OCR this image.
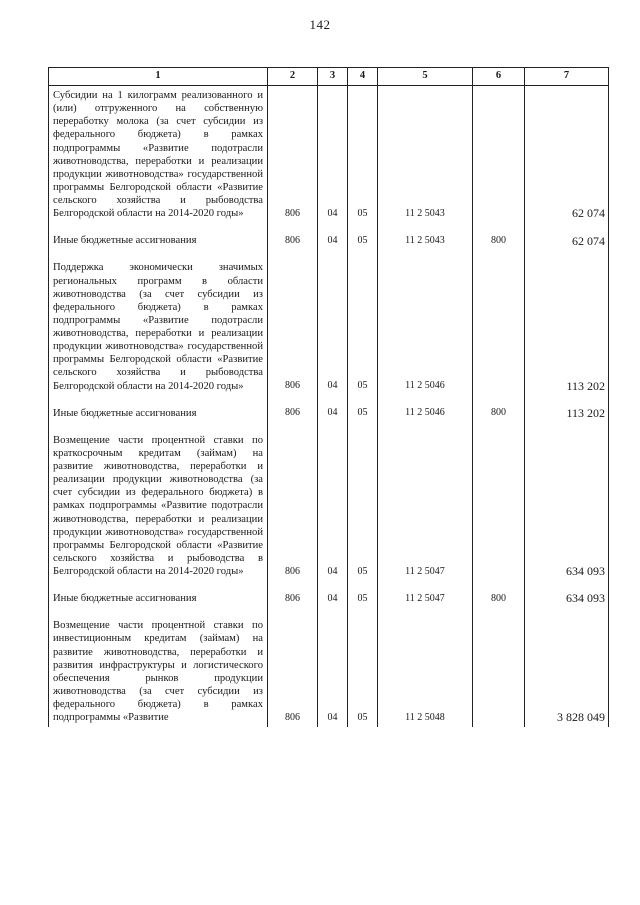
142
1	2	3	4	5	6	7
Субсидии на 1 килограмм реализованного и (или) отгруженного на собственную переработку молока (за счет субсидии из федерального бюджета) в рамках подпрограммы «Развитие подотрасли животноводства, переработки и реализации продукции животноводства» государственной программы Белгородской области «Развитие сельского хозяйства и рыбоводства Белгородской области на 2014-2020 годы»	806	04	05	11 2 5043		62 074

Иные бюджетные ассигнования	806	04	05	11 2 5043	800	62 074

Поддержка экономически значимых региональных программ в области животноводства (за счет субсидии из федерального бюджета) в рамках подпрограммы «Развитие подотрасли животноводства, переработки и реализации продукции животноводства» государственной программы Белгородской области «Развитие сельского хозяйства и рыбоводства Белгородской области на 2014-2020 годы»	806	04	05	11 2 5046		113 202

Иные бюджетные ассигнования	806	04	05	11 2 5046	800	113 202

Возмещение части процентной ставки по краткосрочным кредитам (займам) на развитие животноводства, переработки и реализации продукции животноводства (за счет субсидии из федерального бюджета) в рамках подпрограммы «Развитие подотрасли животноводства, переработки и реализации продукции животноводства» государственной программы Белгородской области «Развитие сельского хозяйства и рыбоводства в Белгородской области на 2014-2020 годы»	806	04	05	11 2 5047		634 093

Иные бюджетные ассигнования	806	04	05	11 2 5047	800	634 093

Возмещение части процентной ставки по инвестиционным кредитам (займам) на развитие животноводства, переработки и развития инфраструктуры и логистического обеспечения рынков продукции животноводства (за счет субсидии из федерального бюджета) в рамках подпрограммы «Развитие	806	04	05	11 2 5048		3 828 049
